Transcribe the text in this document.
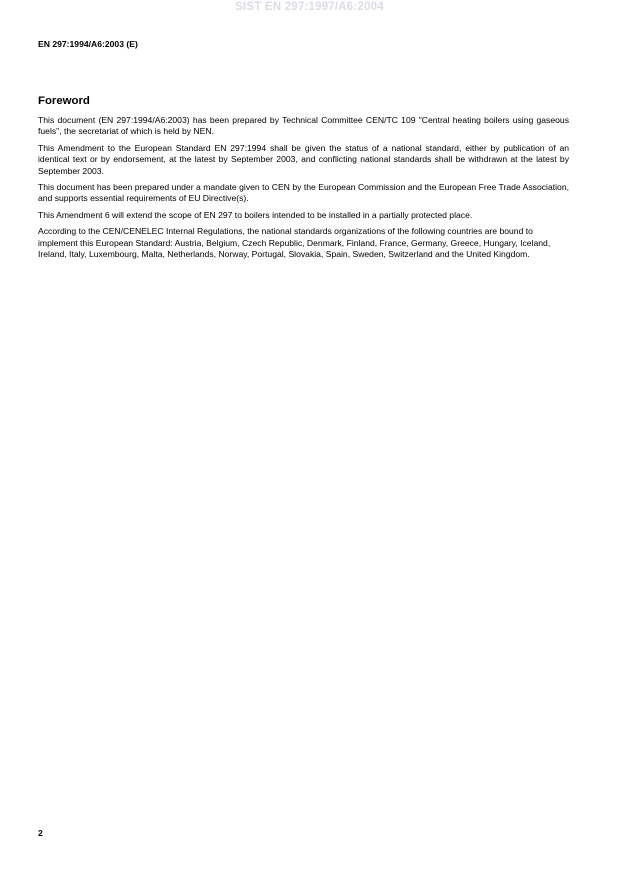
SIST EN 297:1997/A6:2004
EN 297:1994/A6:2003 (E)
Foreword

This document (EN 297:1994/A6:2003) has been prepared by Technical Committee CEN/TC 109 "Central heating boilers using gaseous fuels", the secretariat of which is held by NEN.

This Amendment to the European Standard EN 297:1994 shall be given the status of a national standard, either by publication of an identical text or by endorsement, at the latest by September 2003, and conflicting national standards shall be withdrawn at the latest by September 2003.

This document has been prepared under a mandate given to CEN by the European Commission and the European Free Trade Association, and supports essential requirements of EU Directive(s).

This Amendment 6 will extend the scope of EN 297 to boilers intended to be installed in a partially protected place.

According to the CEN/CENELEC Internal Regulations, the national standards organizations of the following countries are bound to implement this European Standard: Austria, Belgium, Czech Republic, Denmark, Finland, France, Germany, Greece, Hungary, Iceland, Ireland, Italy, Luxembourg, Malta, Netherlands, Norway, Portugal, Slovakia, Spain, Sweden, Switzerland and the United Kingdom.

2
